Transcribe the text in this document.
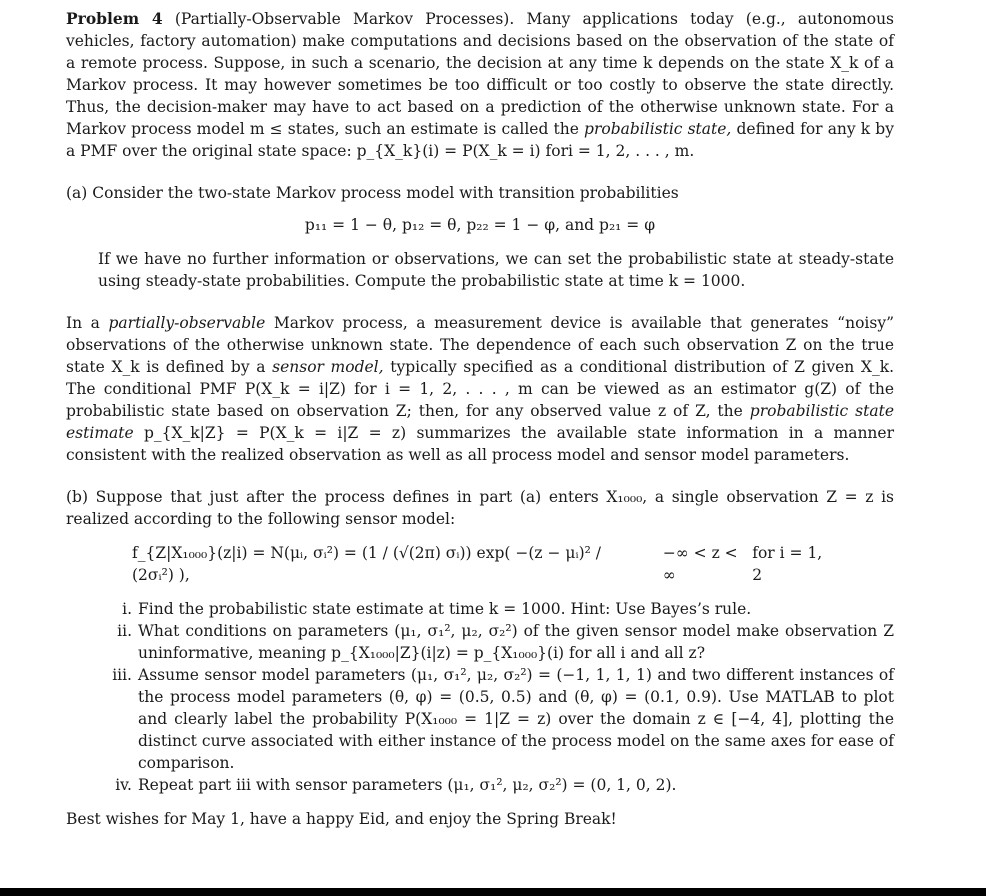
Problem 4 (Partially-Observable Markov Processes). Many applications today (e.g., autonomous vehicles, factory automation) make computations and decisions based on the observation of the state of a remote process. Suppose, in such a scenario, the decision at any time k depends on the state X_k of a Markov process. It may however sometimes be too difficult or too costly to observe the state directly. Thus, the decision-maker may have to act based on a prediction of the otherwise unknown state. For a Markov process model m ≤ states, such an estimate is called the probabilistic state, defined for any k by a PMF over the original state space: p_{X_k}(i) = P(X_k = i) fori = 1, 2, . . . , m.

(a) Consider the two-state Markov process model with transition probabilities

p₁₁ = 1 − θ, p₁₂ = θ, p₂₂ = 1 − φ, and p₂₁ = φ

If we have no further information or observations, we can set the probabilistic state at steady-state using steady-state probabilities. Compute the probabilistic state at time k = 1000.

In a partially-observable Markov process, a measurement device is available that generates “noisy” observations of the otherwise unknown state. The dependence of each such observation Z on the true state X_k is defined by a sensor model, typically specified as a conditional distribution of Z given X_k. The conditional PMF P(X_k = i|Z) for i = 1, 2, . . . , m can be viewed as an estimator g(Z) of the probabilistic state based on observation Z; then, for any observed value z of Z, the probabilistic state estimate p_{X_k|Z} = P(X_k = i|Z = z) summarizes the available state information in a manner consistent with the realized observation as well as all process model and sensor model parameters.

(b) Suppose that just after the process defines in part (a) enters X₁₀₀₀, a single observation Z = z is realized according to the following sensor model:

f_{Z|X₁₀₀₀}(z|i) = N(μᵢ, σᵢ²) = (1 / (√(2π) σᵢ)) exp( −(z − μᵢ)² / (2σᵢ²) ),
−∞ < z < ∞
for i = 1, 2
i. Find the probabilistic state estimate at time k = 1000. Hint: Use Bayes’s rule.
ii. What conditions on parameters (μ₁, σ₁², μ₂, σ₂²) of the given sensor model make observation Z uninformative, meaning p_{X₁₀₀₀|Z}(i|z) = p_{X₁₀₀₀}(i) for all i and all z?
iii. Assume sensor model parameters (μ₁, σ₁², μ₂, σ₂²) = (−1, 1, 1, 1) and two different instances of the process model parameters (θ, φ) = (0.5, 0.5) and (θ, φ) = (0.1, 0.9). Use MATLAB to plot and clearly label the probability P(X₁₀₀₀ = 1|Z = z) over the domain z ∈ [−4, 4], plotting the distinct curve associated with either instance of the process model on the same axes for ease of comparison.
iv. Repeat part iii with sensor parameters (μ₁, σ₁², μ₂, σ₂²) = (0, 1, 0, 2).

Best wishes for May 1, have a happy Eid, and enjoy the Spring Break!
